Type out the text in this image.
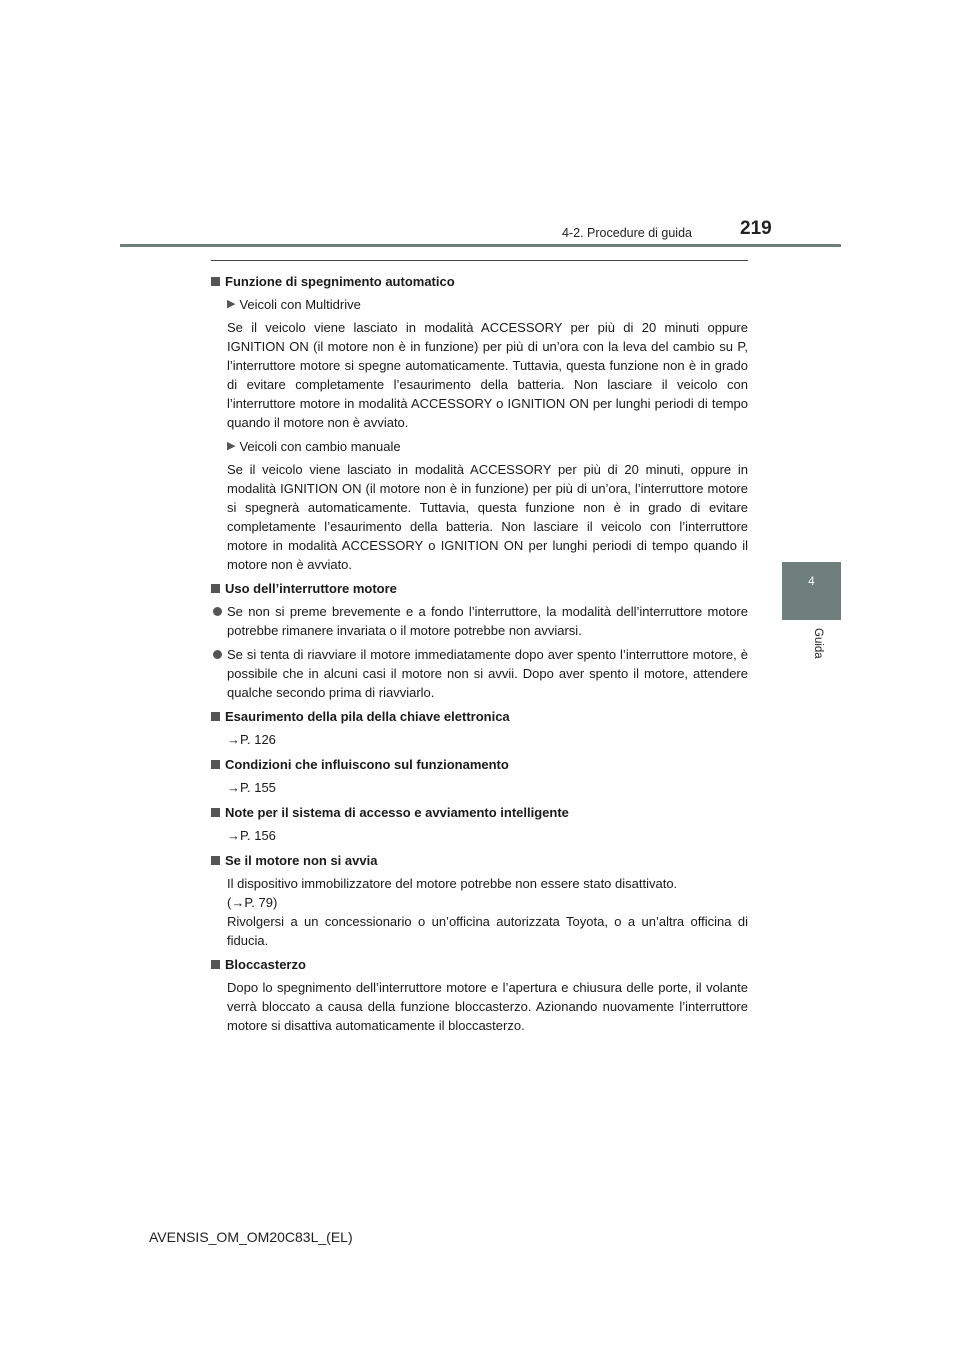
4-2. Procedure di guida	219
4
Guida
Funzione di spegnimento automatico
▶ Veicoli con Multidrive
Se il veicolo viene lasciato in modalità ACCESSORY per più di 20 minuti oppure IGNITION ON (il motore non è in funzione) per più di un’ora con la leva del cambio su P, l’interruttore motore si spegne automaticamente. Tuttavia, questa funzione non è in grado di evitare completamente l’esaurimento della batteria. Non lasciare il veicolo con l’interruttore motore in modalità ACCESSORY o IGNITION ON per lunghi periodi di tempo quando il motore non è avviato.
▶ Veicoli con cambio manuale
Se il veicolo viene lasciato in modalità ACCESSORY per più di 20 minuti, oppure in modalità IGNITION ON (il motore non è in funzione) per più di un’ora, l’interruttore motore si spegnerà automaticamente. Tuttavia, questa funzione non è in grado di evitare completamente l’esaurimento della batteria. Non lasciare il veicolo con l’interruttore motore in modalità ACCESSORY o IGNITION ON per lunghi periodi di tempo quando il motore non è avviato.
Uso dell’interruttore motore
Se non si preme brevemente e a fondo l’interruttore, la modalità dell’interruttore motore potrebbe rimanere invariata o il motore potrebbe non avviarsi.
Se si tenta di riavviare il motore immediatamente dopo aver spento l’interruttore motore, è possibile che in alcuni casi il motore non si avvii. Dopo aver spento il motore, attendere qualche secondo prima di riavviarlo.
Esaurimento della pila della chiave elettronica
→P. 126
Condizioni che influiscono sul funzionamento
→P. 155
Note per il sistema di accesso e avviamento intelligente
→P. 156
Se il motore non si avvia
Il dispositivo immobilizzatore del motore potrebbe non essere stato disattivato.
(→P. 79)
Rivolgersi a un concessionario o un’officina autorizzata Toyota, o a un’altra officina di fiducia.
Bloccasterzo
Dopo lo spegnimento dell’interruttore motore e l’apertura e chiusura delle porte, il volante verrà bloccato a causa della funzione bloccasterzo. Azionando nuovamente l’interruttore motore si disattiva automaticamente il bloccasterzo.
AVENSIS_OM_OM20C83L_(EL)
